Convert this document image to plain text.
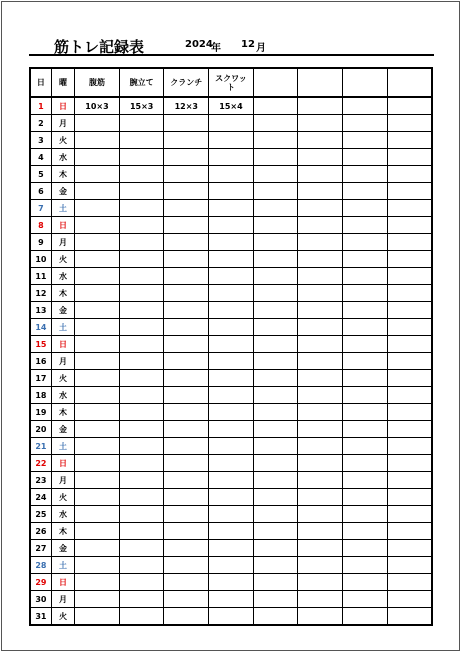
筋トレ記録表	2024
年 12 月
日	曜	腹筋	腕立て	クランチ	スクワット				
1	日	10×3	15×3	12×3	15×4				
2	月								
3	火								
4	水								
5	木								
6	金								
7	土								
8	日								
9	月								
10	火								
11	水								
12	木								
13	金								
14	土								
15	日								
16	月								
17	火								
18	水								
19	木								
20	金								
21	土								
22	日								
23	月								
24	火								
25	水								
26	木								
27	金								
28	土								
29	日								
30	月								
31	火								
